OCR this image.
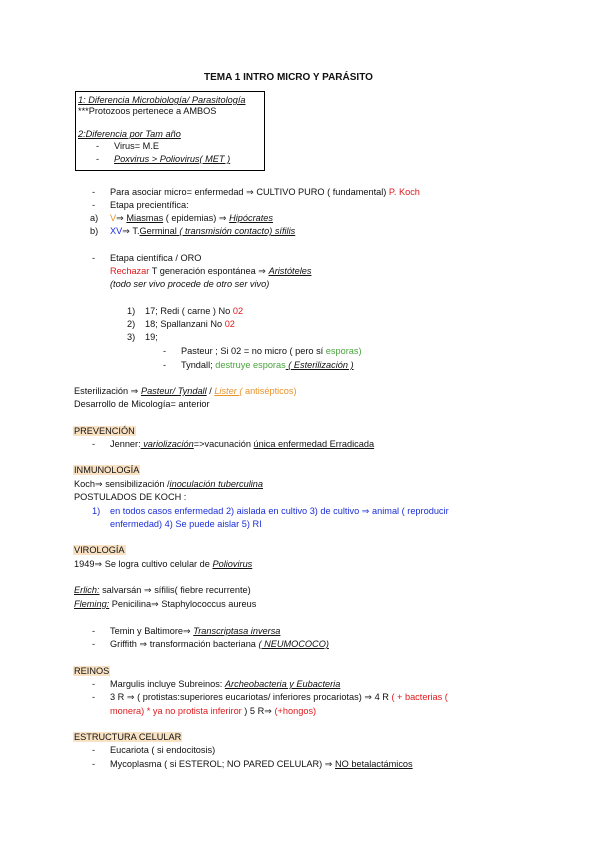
TEMA 1 INTRO MICRO Y PARÁSITO
1: Diferencia Microbiología/ Parasitología
***Protozoos pertenece a AMBOS
2:Diferencia por Tam año
- Virus= M.E
- Poxvirus > Poliovirus( MET )
- Para asociar micro= enfermedad ⇒ CULTIVO PURO ( fundamental) P. Koch
- Etapa precientífica:
a) V⇒ Miasmas ( epidemias) ⇒ Hipócrates
b) XV⇒ T.Germinal ( transmisión contacto) sífilis
- Etapa científica / ORO
Rechazar T generación espontánea ⇒ Aristóteles
(todo ser vivo procede de otro ser vivo)
1) 17; Redi ( carne ) No 02
2) 18; Spallanzani No 02
3) 19;
- Pasteur ; Si 02 = no micro ( pero sí esporas)
- Tyndall; destruye esporas ( Esterilización )
Esterilización ⇒ Pasteur/ Tyndall / Lister ( antisépticos)
Desarrollo de Micología= anterior
PREVENCIÓN
- Jenner: variolización=>vacunación única enfermedad Erradicada
INMUNOLOGÍA
Koch⇒ sensibilización /inoculación tuberculina
POSTULADOS DE KOCH :
1) en todos casos enfermedad 2) aislada en cultivo 3) de cultivo ⇒ animal ( reproducir
enfermedad) 4) Se puede aislar 5) RI
VIROLOGÍA
1949⇒ Se logra cultivo celular de Poliovirus
Erlich: salvarsán ⇒ sífilis( fiebre recurrente)
Fleming: Penicilina⇒ Staphylococcus aureus
- Temin y Baltimore⇒ Transcriptasa inversa
- Griffith ⇒ transformación bacteriana ( NEUMOCOCO)
REINOS
- Margulis incluye Subreinos: Archeobacteria y Eubacteria
- 3 R ⇒ ( protistas:superiores eucariotas/ inferiores procariotas) ⇒ 4 R ( + bacterias (
monera) * ya no protista inferiror ) 5 R⇒ (+hongos)
ESTRUCTURA CELULAR
- Eucariota ( si endocitosis)
- Mycoplasma ( si ESTEROL; NO PARED CELULAR) ⇒ NO betalactámicos
